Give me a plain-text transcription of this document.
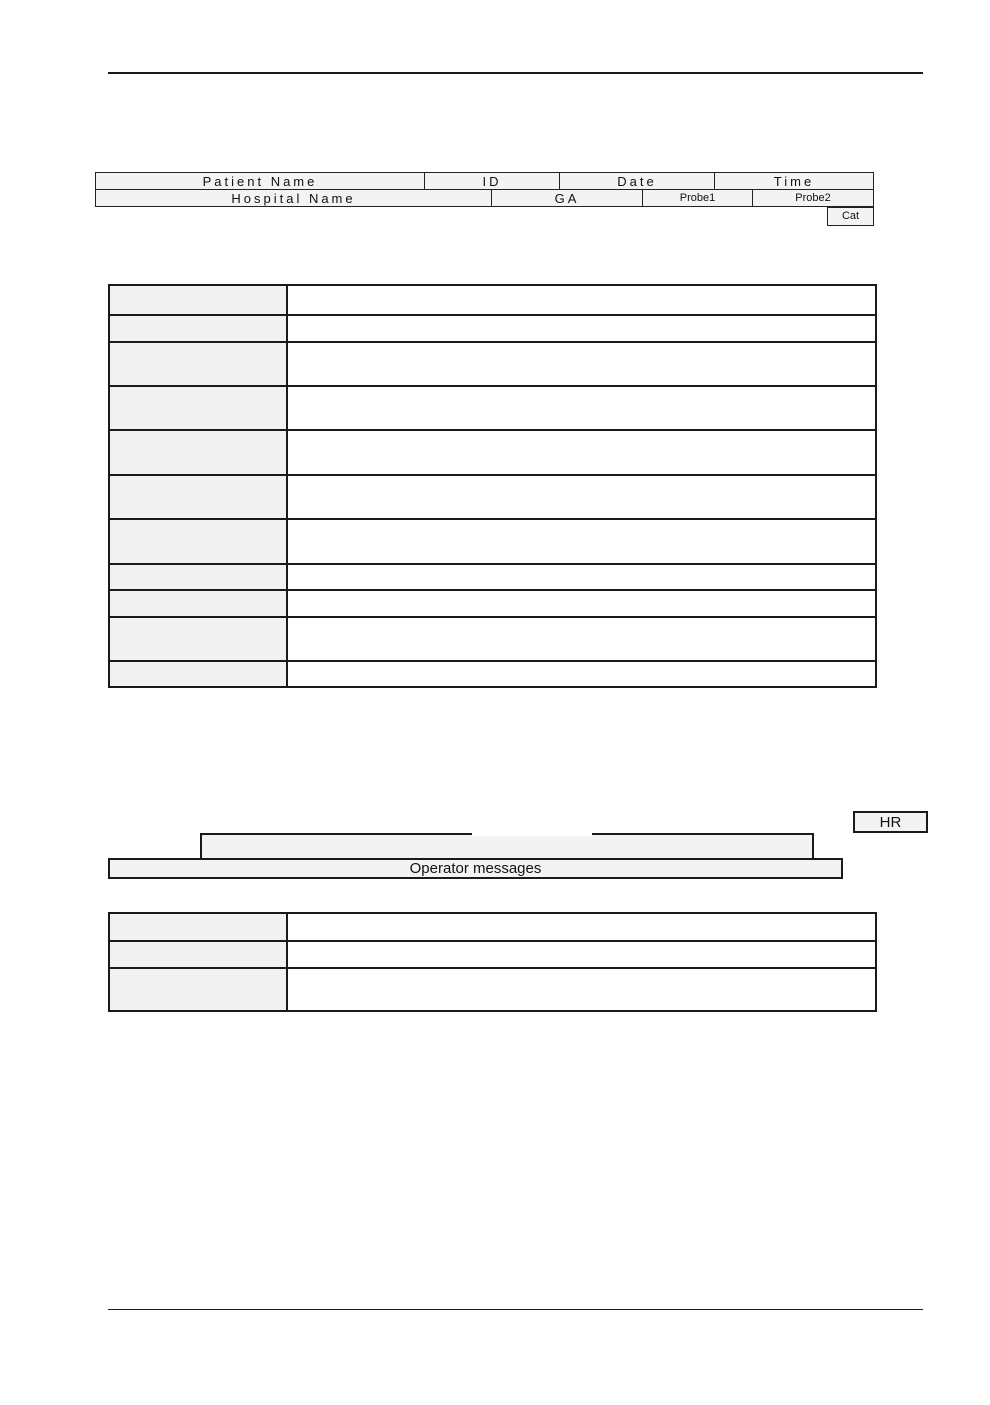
Patient Name	ID	Date	Time
Hospital Name	GA	Probe1	Probe2
Cat

HR
Operator messages
